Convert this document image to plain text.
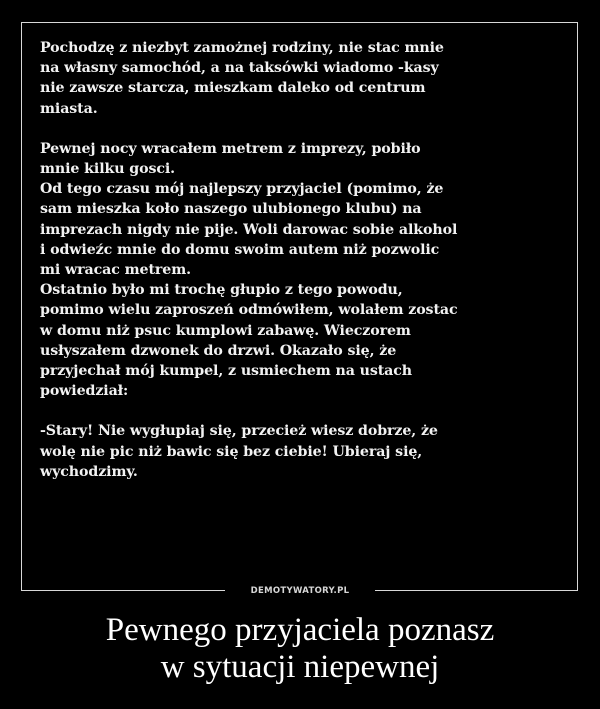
Pochodzę z niezbyt zamożnej rodziny, nie stac mnie
na własny samochód, a na taksówki wiadomo -kasy
nie zawsze starcza, mieszkam daleko od centrum
miasta.

Pewnej nocy wracałem metrem z imprezy, pobiło
mnie kilku gosci.
Od tego czasu mój najlepszy przyjaciel (pomimo, że
sam mieszka koło naszego ulubionego klubu) na
imprezach nigdy nie pije. Woli darowac sobie alkohol
i odwieźc mnie do domu swoim autem niż pozwolic
mi wracac metrem.
Ostatnio było mi trochę głupio z tego powodu,
pomimo wielu zaproszeń odmówiłem, wolałem zostac
w domu niż psuc kumplowi zabawę. Wieczorem
usłyszałem dzwonek do drzwi. Okazało się, że
przyjechał mój kumpel, z usmiechem na ustach
powiedział:

-Stary! Nie wygłupiaj się, przecież wiesz dobrze, że
wolę nie pic niż bawic się bez ciebie! Ubieraj się,
wychodzimy.

DEMOTYWATORY.PL
Pewnego przyjaciela poznasz
w sytuacji niepewnej
